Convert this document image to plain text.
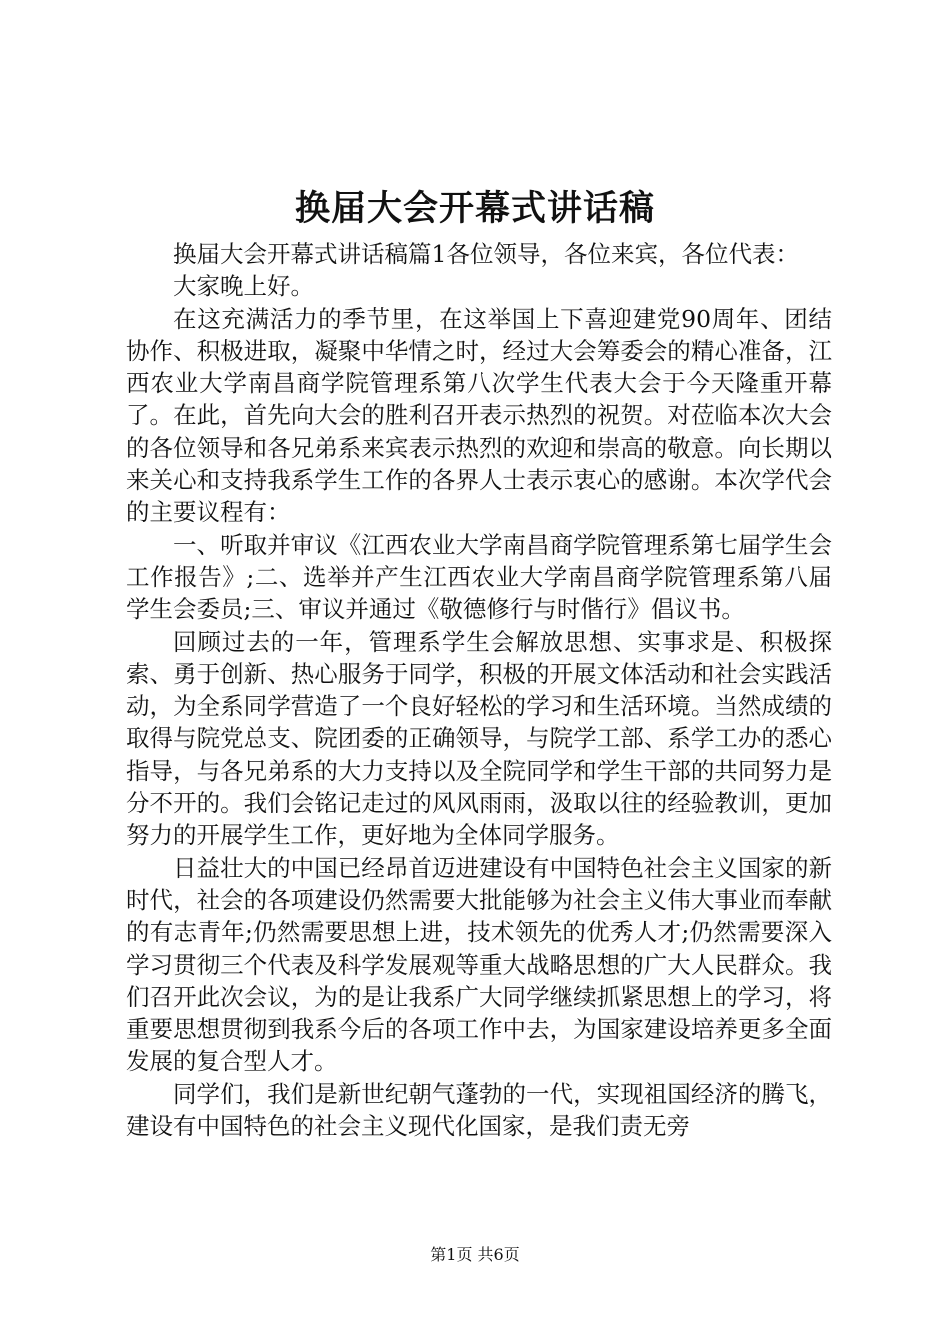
换届大会开幕式讲话稿

换届大会开幕式讲话稿篇1各位领导，各位来宾，各位代表：

大家晚上好。

在这充满活力的季节里，在这举国上下喜迎建党90周年、团结协作、积极进取，凝聚中华情之时，经过大会筹委会的精心准备，江西农业大学南昌商学院管理系第八次学生代表大会于今天隆重开幕了。在此，首先向大会的胜利召开表示热烈的祝贺。对莅临本次大会的各位领导和各兄弟系来宾表示热烈的欢迎和崇高的敬意。向长期以来关心和支持我系学生工作的各界人士表示衷心的感谢。本次学代会的主要议程有：

一、听取并审议《江西农业大学南昌商学院管理系第七届学生会工作报告》;二、选举并产生江西农业大学南昌商学院管理系第八届学生会委员;三、审议并通过《敬德修行与时偕行》倡议书。

回顾过去的一年，管理系学生会解放思想、实事求是、积极探索、勇于创新、热心服务于同学，积极的开展文体活动和社会实践活动，为全系同学营造了一个良好轻松的学习和生活环境。当然成绩的取得与院党总支、院团委的正确领导，与院学工部、系学工办的悉心指导，与各兄弟系的大力支持以及全院同学和学生干部的共同努力是分不开的。我们会铭记走过的风风雨雨，汲取以往的经验教训，更加努力的开展学生工作，更好地为全体同学服务。

日益壮大的中国已经昂首迈进建设有中国特色社会主义国家的新时代，社会的各项建设仍然需要大批能够为社会主义伟大事业而奉献的有志青年;仍然需要思想上进，技术领先的优秀人才;仍然需要深入学习贯彻三个代表及科学发展观等重大战略思想的广大人民群众。我们召开此次会议，为的是让我系广大同学继续抓紧思想上的学习，将重要思想贯彻到我系今后的各项工作中去，为国家建设培养更多全面发展的复合型人才。

同学们，我们是新世纪朝气蓬勃的一代，实现祖国经济的腾飞，建设有中国特色的社会主义现代化国家，是我们责无旁

第1页 共6页
